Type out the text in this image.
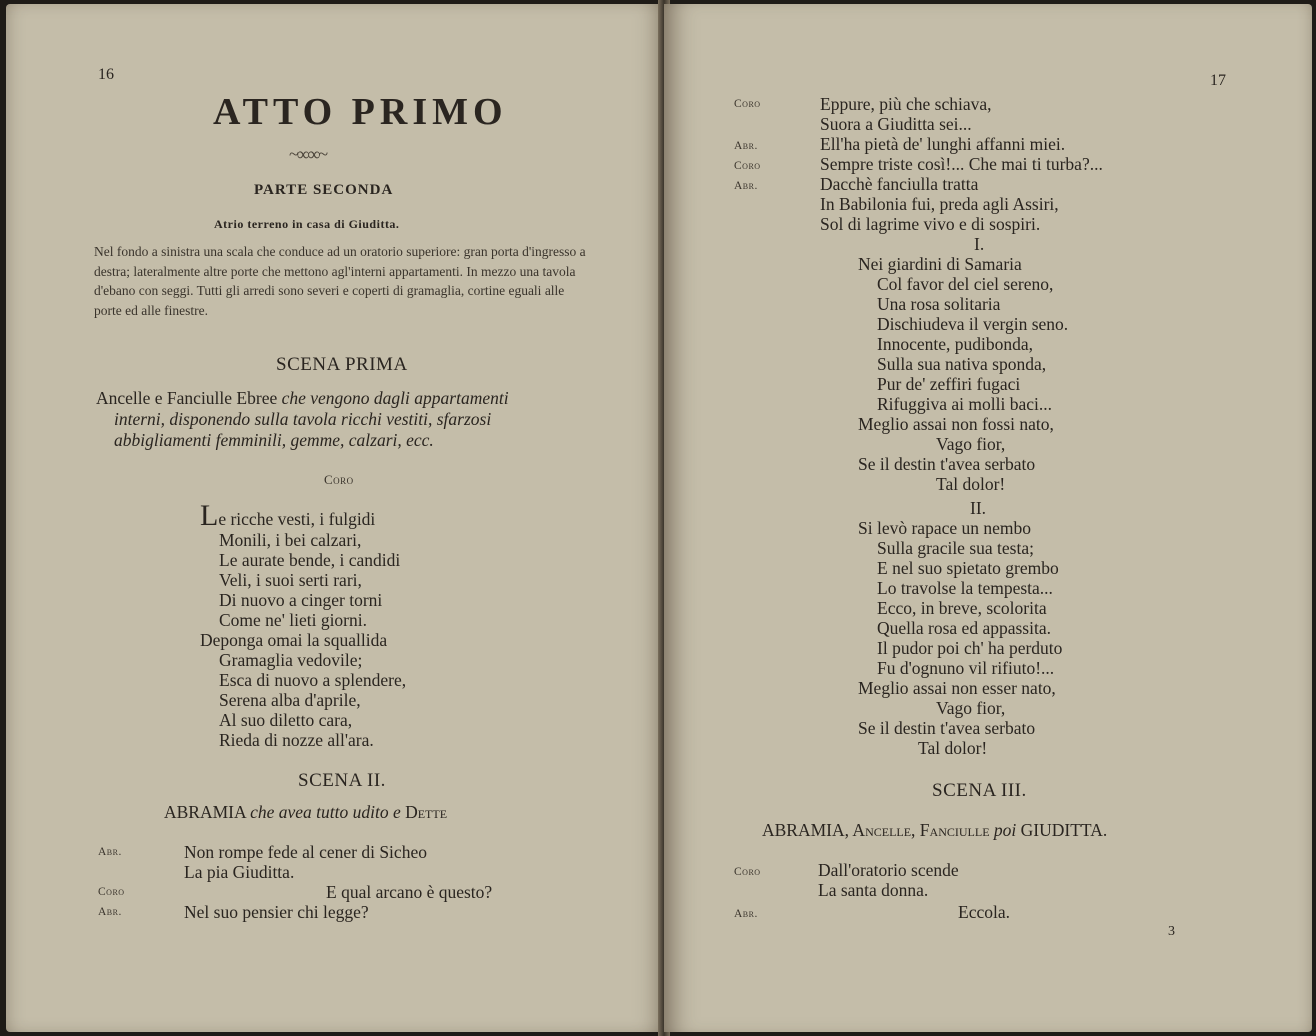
16
ATTO PRIMO
~∞∞~
PARTE SECONDA
Atrio terreno in casa di Giuditta.
Nel fondo a sinistra una scala che conduce ad un oratorio superiore: gran porta d'ingresso a destra; lateralmente altre porte che mettono agl'interni appartamenti. In mezzo una tavola d'ebano con seggi. Tutti gli arredi sono severi e coperti di gramaglia, cortine eguali alle porte ed alle finestre.
SCENA PRIMA
Ancelle e Fanciulle Ebree che vengono dagli appartamenti
interni, disponendo sulla tavola ricchi vestiti, sfarzosi
abbigliamenti femminili, gemme, calzari, ecc.
Coro
Le ricche vesti, i fulgidi
Monili, i bei calzari,
Le aurate bende, i candidi
Veli, i suoi serti rari,
Di nuovo a cinger torni
Come ne' lieti giorni.
Deponga omai la squallida
Gramaglia vedovile;
Esca di nuovo a splendere,
Serena alba d'aprile,
Al suo diletto cara,
Rieda di nozze all'ara.
SCENA II.
ABRAMIA che avea tutto udito e Dette
Abr.	Non rompe fede al cener di Sicheo
La pia Giuditta.
Coro	E qual arcano è questo?
Abr.	Nel suo pensier chi legge?
17
Coro	Eppure, più che schiava,
Suora a Giuditta sei...
Abr.	Ell'ha pietà de' lunghi affanni miei.
Coro	Sempre triste così!... Che mai ti turba?...
Abr.	Dacchè fanciulla tratta
In Babilonia fui, preda agli Assiri,
Sol di lagrime vivo e di sospiri.
I.
Nei giardini di Samaria
Col favor del ciel sereno,
Una rosa solitaria
Dischiudeva il vergin seno.
Innocente, pudibonda,
Sulla sua nativa sponda,
Pur de' zeffiri fugaci
Rifuggiva ai molli baci...
Meglio assai non fossi nato,
Vago fior,
Se il destin t'avea serbato
Tal dolor!
II.
Si levò rapace un nembo
Sulla gracile sua testa;
E nel suo spietato grembo
Lo travolse la tempesta...
Ecco, in breve, scolorita
Quella rosa ed appassita.
Il pudor poi ch' ha perduto
Fu d'ognuno vil rifiuto!...
Meglio assai non esser nato,
Vago fior,
Se il destin t'avea serbato
Tal dolor!
SCENA III.
ABRAMIA, Ancelle, Fanciulle poi GIUDITTA.
Coro	Dall'oratorio scende
La santa donna.
Abr.	Eccola.
3
